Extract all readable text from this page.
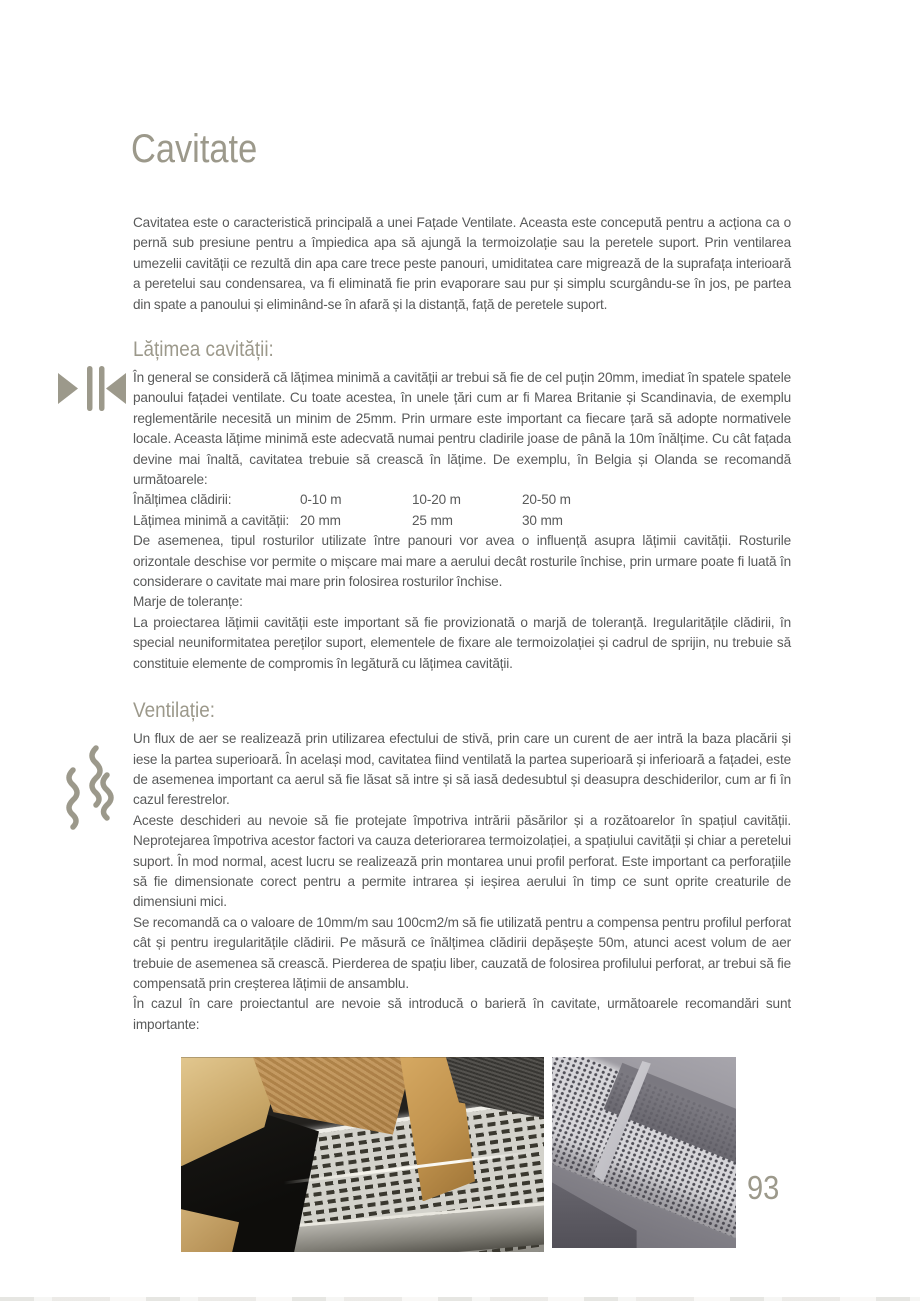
Cavitate

Cavitatea este o caracteristică principală a unei Fațade Ventilate. Aceasta este concepută pentru a acționa ca o pernă sub presiune pentru a împiedica apa să ajungă la termoizolație sau la peretele suport. Prin ventilarea umezelii cavității ce rezultă din apa care trece peste panouri, umiditatea care migrează de la suprafața interioară a peretelui sau condensarea, va fi eliminată fie prin evaporare sau pur și simplu scurgându-se în jos, pe partea din spate a panoului și eliminând-se în afară și la distanță, față de peretele suport.

Lățimea cavității:

În general se consideră că lățimea minimă a cavității ar trebui să fie de cel puțin 20mm, imediat în spatele spatele panoului fațadei ventilate. Cu toate acestea, în unele țări cum ar fi Marea Britanie și Scandinavia, de exemplu reglementările necesită un minim de 25mm. Prin urmare este important ca fiecare țară să adopte normativele locale. Aceasta lățime minimă este adecvată numai pentru cladirile joase de până la 10m înălțime. Cu cât fațada devine mai înaltă, cavitatea trebuie să crească în lățime. De exemplu, în Belgia și Olanda se recomandă următoarele:

Înălțimea clădirii:	0-10 m	10-20 m	20-50 m
Lățimea minimă a cavității: 20 mm	25 mm	30 mm

De asemenea, tipul rosturilor utilizate între panouri vor avea o influență asupra lățimii cavității. Rosturile orizontale deschise vor permite o mișcare mai mare a aerului decât rosturile închise, prin urmare poate fi luată în considerare o cavitate mai mare prin folosirea rosturilor închise.

Marje de toleranțe:

La proiectarea lățimii cavității este important să fie provizionată o marjă de toleranță. Iregularitățile clădirii, în special neuniformitatea pereților suport, elementele de fixare ale termoizolației și cadrul de sprijin, nu trebuie să constituie elemente de compromis în legătură cu lățimea cavității.

Ventilație:

Un flux de aer se realizează prin utilizarea efectului de stivă, prin care un curent de aer intră la baza placării și iese la partea superioară. În același mod, cavitatea fiind ventilată la partea superioară și inferioară a fațadei, este de asemenea important ca aerul să fie lăsat să intre și să iasă dedesubtul și deasupra deschiderilor, cum ar fi în cazul ferestrelor.

Aceste deschideri au nevoie să fie protejate împotriva intrării păsărilor și a rozătoarelor în spațiul cavității. Neprotejarea împotriva acestor factori va cauza deteriorarea termoizolației, a spațiului cavității și chiar a peretelui suport. În mod normal, acest lucru se realizează prin montarea unui profil perforat. Este important ca perforațiile să fie dimensionate corect pentru a permite intrarea și ieșirea aerului în timp ce sunt oprite creaturile de dimensiuni mici.

Se recomandă ca o valoare de 10mm/m sau 100cm2/m să fie utilizată pentru a compensa pentru profilul perforat cât și pentru iregularitățile clădirii. Pe măsură ce înălțimea clădirii depășește 50m, atunci acest volum de aer trebuie de asemenea să crească. Pierderea de spațiu liber, cauzată de folosirea profilului perforat, ar trebui să fie compensată prin creșterea lățimii de ansamblu.

În cazul în care proiectantul are nevoie să introducă o barieră în cavitate, următoarele recomandări sunt importante:

93
